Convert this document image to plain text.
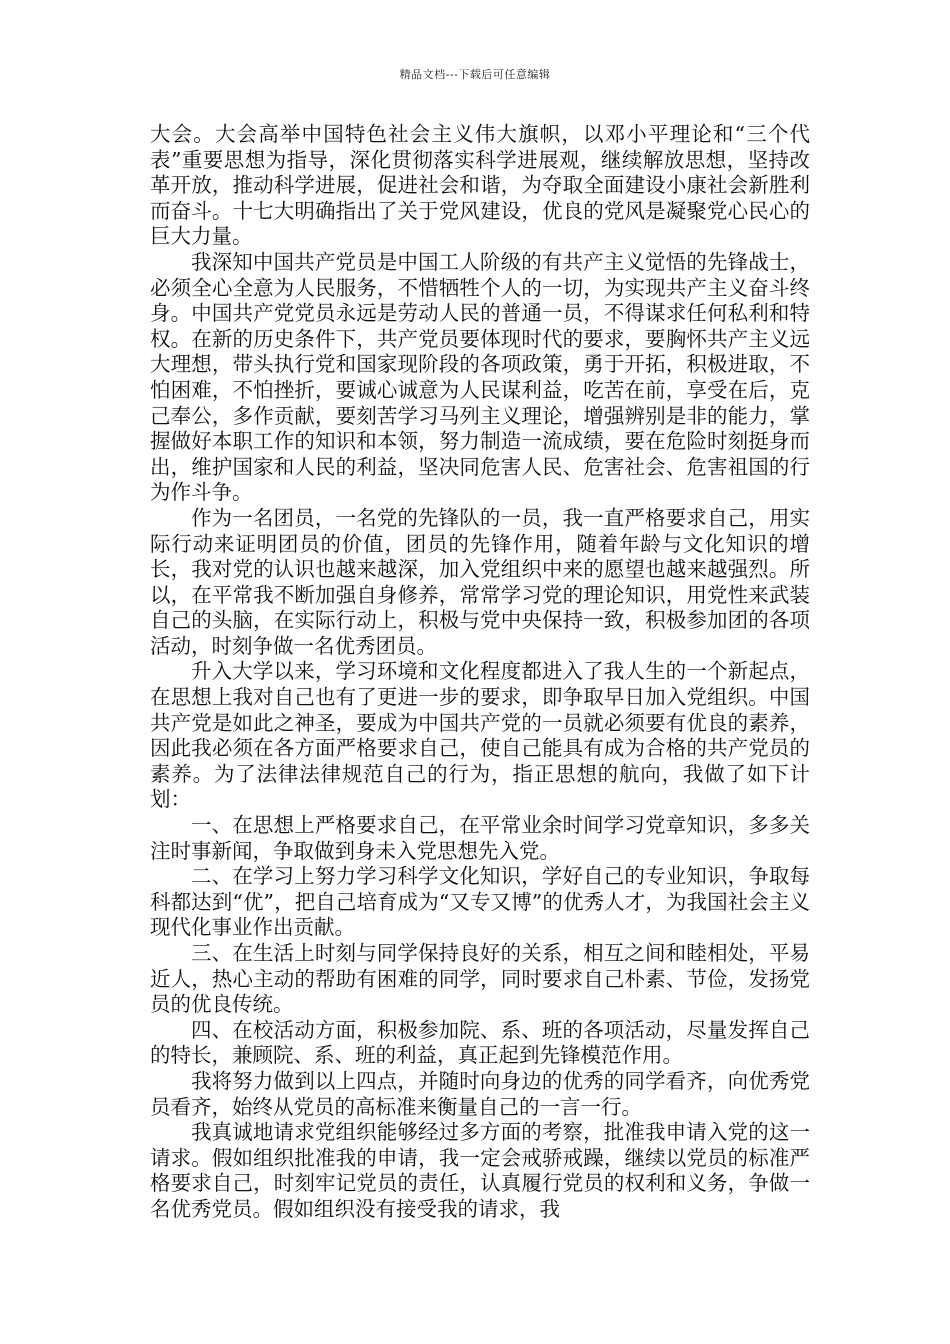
精品文档---下载后可任意编辑

大会。大会高举中国特色社会主义伟大旗帜，以邓小平理论和“三个代表”重要思想为指导，深化贯彻落实科学进展观，继续解放思想，坚持改革开放，推动科学进展，促进社会和谐，为夺取全面建设小康社会新胜利而奋斗。十七大明确指出了关于党风建设，优良的党风是凝聚党心民心的巨大力量。

我深知中国共产党员是中国工人阶级的有共产主义觉悟的先锋战士，必须全心全意为人民服务，不惜牺牲个人的一切，为实现共产主义奋斗终身。中国共产党党员永远是劳动人民的普通一员，不得谋求任何私利和特权。在新的历史条件下，共产党员要体现时代的要求，要胸怀共产主义远大理想，带头执行党和国家现阶段的各项政策，勇于开拓，积极进取，不怕困难，不怕挫折，要诚心诚意为人民谋利益，吃苦在前，享受在后，克己奉公，多作贡献，要刻苦学习马列主义理论，增强辨别是非的能力，掌握做好本职工作的知识和本领，努力制造一流成绩，要在危险时刻挺身而出，维护国家和人民的利益，坚决同危害人民、危害社会、危害祖国的行为作斗争。

作为一名团员，一名党的先锋队的一员，我一直严格要求自己，用实际行动来证明团员的价值，团员的先锋作用，随着年龄与文化知识的增长，我对党的认识也越来越深，加入党组织中来的愿望也越来越强烈。所以，在平常我不断加强自身修养，常常学习党的理论知识，用党性来武装自己的头脑，在实际行动上，积极与党中央保持一致，积极参加团的各项活动，时刻争做一名优秀团员。

升入大学以来，学习环境和文化程度都进入了我人生的一个新起点，在思想上我对自己也有了更进一步的要求，即争取早日加入党组织。中国共产党是如此之神圣，要成为中国共产党的一员就必须要有优良的素养，因此我必须在各方面严格要求自己，使自己能具有成为合格的共产党员的素养。为了法律法律规范自己的行为，指正思想的航向，我做了如下计划：

一、在思想上严格要求自己，在平常业余时间学习党章知识，多多关注时事新闻，争取做到身未入党思想先入党。

二、在学习上努力学习科学文化知识，学好自己的专业知识，争取每科都达到“优”，把自己培育成为“又专又博”的优秀人才，为我国社会主义现代化事业作出贡献。

三、在生活上时刻与同学保持良好的关系，相互之间和睦相处，平易近人，热心主动的帮助有困难的同学，同时要求自己朴素、节俭，发扬党员的优良传统。

四、在校活动方面，积极参加院、系、班的各项活动，尽量发挥自己的特长，兼顾院、系、班的利益，真正起到先锋模范作用。

我将努力做到以上四点，并随时向身边的优秀的同学看齐，向优秀党员看齐，始终从党员的高标准来衡量自己的一言一行。

我真诚地请求党组织能够经过多方面的考察，批准我申请入党的这一请求。假如组织批准我的申请，我一定会戒骄戒躁，继续以党员的标准严格要求自己，时刻牢记党员的责任，认真履行党员的权利和义务，争做一名优秀党员。假如组织没有接受我的请求，我
